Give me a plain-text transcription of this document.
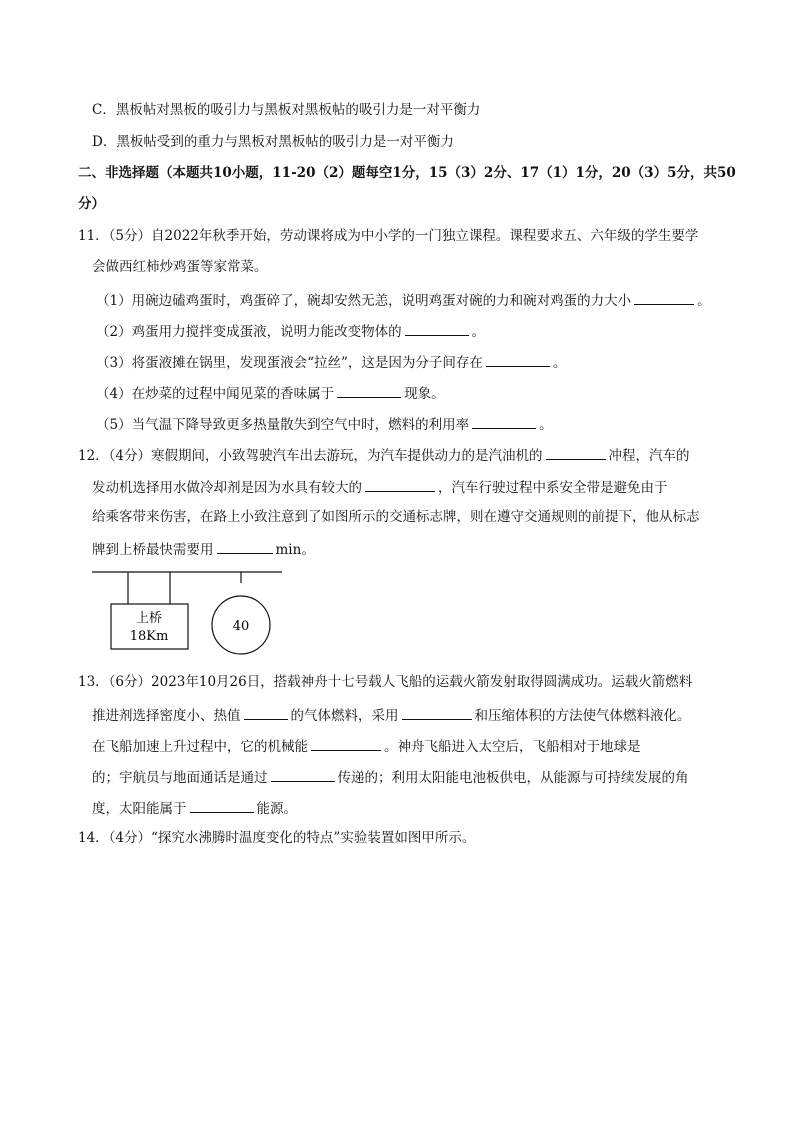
C．黑板帖对黑板的吸引力与黑板对黑板帖的吸引力是一对平衡力
D．黑板帖受到的重力与黑板对黑板帖的吸引力是一对平衡力
二、非选择题（本题共10小题，11-20（2）题每空1分，15（3）2分、17（1）1分，20（3）5分，共50
分）
11．（5分）自2022年秋季开始，劳动课将成为中小学的一门独立课程。课程要求五、六年级的学生要学
会做西红柿炒鸡蛋等家常菜。
（1）用碗边磕鸡蛋时，鸡蛋碎了，碗却安然无恙，说明鸡蛋对碗的力和碗对鸡蛋的力大小	。
（2）鸡蛋用力搅拌变成蛋液，说明力能改变物体的	。
（3）将蛋液摊在锅里，发现蛋液会“拉丝”，这是因为分子间存在	。
（4）在炒菜的过程中闻见菜的香味属于	现象。
（5）当气温下降导致更多热量散失到空气中时，燃料的利用率	。
12．（4分）寒假期间，小致驾驶汽车出去游玩，为汽车提供动力的是汽油机的	冲程，汽车的
发动机选择用水做冷却剂是因为水具有较大的	，汽车行驶过程中系安全带是避免由于
给乘客带来伤害，在路上小致注意到了如图所示的交通标志牌，则在遵守交通规则的前提下，他从标志
牌到上桥最快需要用	min。
上桥
18Km
40
13．（6分）2023年10月26日，搭载神舟十七号载人飞船的运载火箭发射取得圆满成功。运载火箭燃料
推进剂选择密度小、热值	的气体燃料，采用	和压缩体积的方法使气体燃料液化。
在飞船加速上升过程中，它的机械能	。神舟飞船进入太空后，飞船相对于地球是
的；宇航员与地面通话是通过	传递的；利用太阳能电池板供电，从能源与可持续发展的角
度，太阳能属于	能源。
14．（4分）“探究水沸腾时温度变化的特点”实验装置如图甲所示。
